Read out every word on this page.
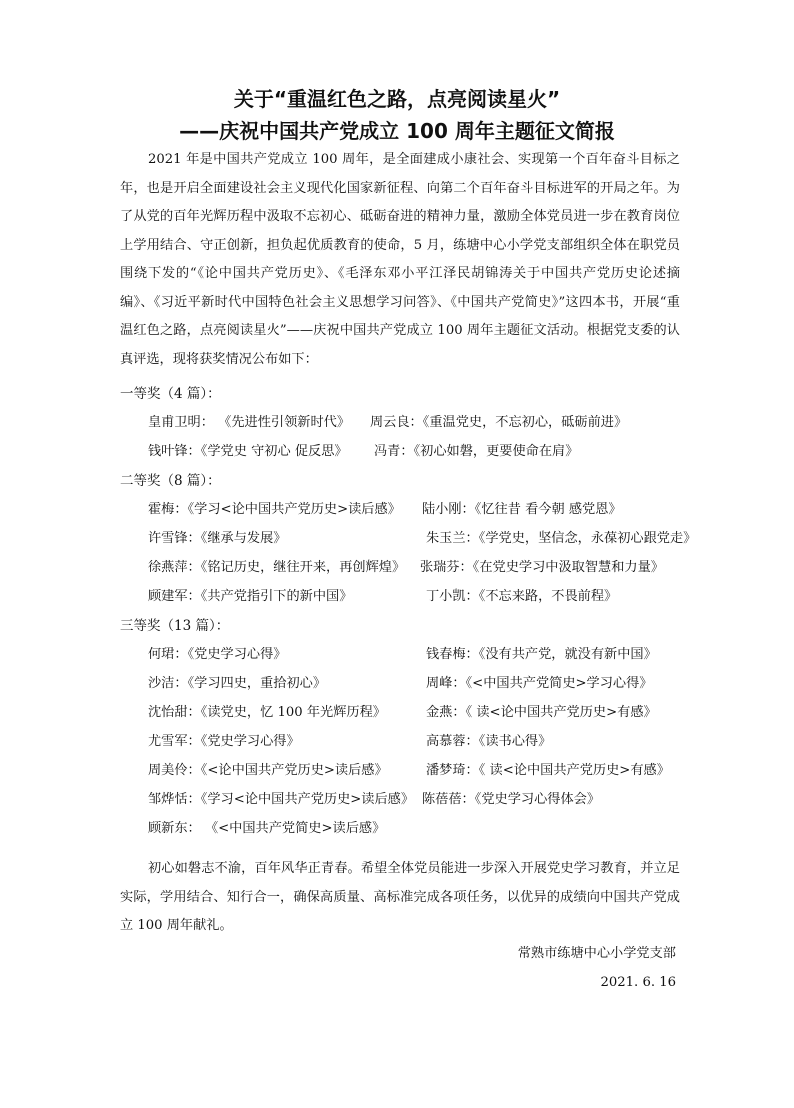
关于“重温红色之路，点亮阅读星火”
——庆祝中国共产党成立 100 周年主题征文简报

2021 年是中国共产党成立 100 周年，是全面建成小康社会、实现第一个百年奋斗目标之年，也是开启全面建设社会主义现代化国家新征程、向第二个百年奋斗目标进军的开局之年。为了从党的百年光辉历程中汲取不忘初心、砥砺奋进的精神力量，激励全体党员进一步在教育岗位上学用结合、守正创新，担负起优质教育的使命，5 月，练塘中心小学党支部组织全体在职党员围绕下发的“《论中国共产党历史》、《毛泽东邓小平江泽民胡锦涛关于中国共产党历史论述摘编》、《习近平新时代中国特色社会主义思想学习问答》、《中国共产党简史》”这四本书，开展“重温红色之路，点亮阅读星火”——庆祝中国共产党成立 100 周年主题征文活动。根据党支委的认真评选，现将获奖情况公布如下：

一等奖（4 篇）：
皇甫卫明： 《先进性引领新时代》 周云良：《重温党史，不忘初心，砥砺前进》
钱叶锋：《学党史 守初心 促反思》 冯青：《初心如磐，更要使命在肩》
二等奖（8 篇）：
霍梅：《学习<论中国共产党历史>读后感》 陆小刚：《忆往昔 看今朝 感党恩》
许雪锋：《继承与发展》	朱玉兰：《学党史，坚信念，永葆初心跟党走》
徐燕萍：《铭记历史，继往开来，再创辉煌》 张瑞芬：《在党史学习中汲取智慧和力量》
顾建军：《共产党指引下的新中国》	丁小凯：《不忘来路，不畏前程》
三等奖（13 篇）：
何珺：《党史学习心得》	钱春梅：《没有共产党，就没有新中国》
沙洁：《学习四史，重拾初心》	周峰：《<中国共产党简史>学习心得》
沈怡甜：《读党史，忆 100 年光辉历程》	金燕：《 读<论中国共产党历史>有感》
尤雪军：《党史学习心得》	高慕蓉：《读书心得》
周美伶：《<论中国共产党历史>读后感》	潘梦琦：《 读<论中国共产党历史>有感》
邹烨恬：《学习<论中国共产党历史>读后感》 陈蓓蓓：《党史学习心得体会》
顾新东： 《<中国共产党简史>读后感》

初心如磐志不渝，百年风华正青春。希望全体党员能进一步深入开展党史学习教育，并立足实际，学用结合、知行合一，确保高质量、高标准完成各项任务，以优异的成绩向中国共产党成立 100 周年献礼。

常熟市练塘中心小学党支部
2021. 6. 16
